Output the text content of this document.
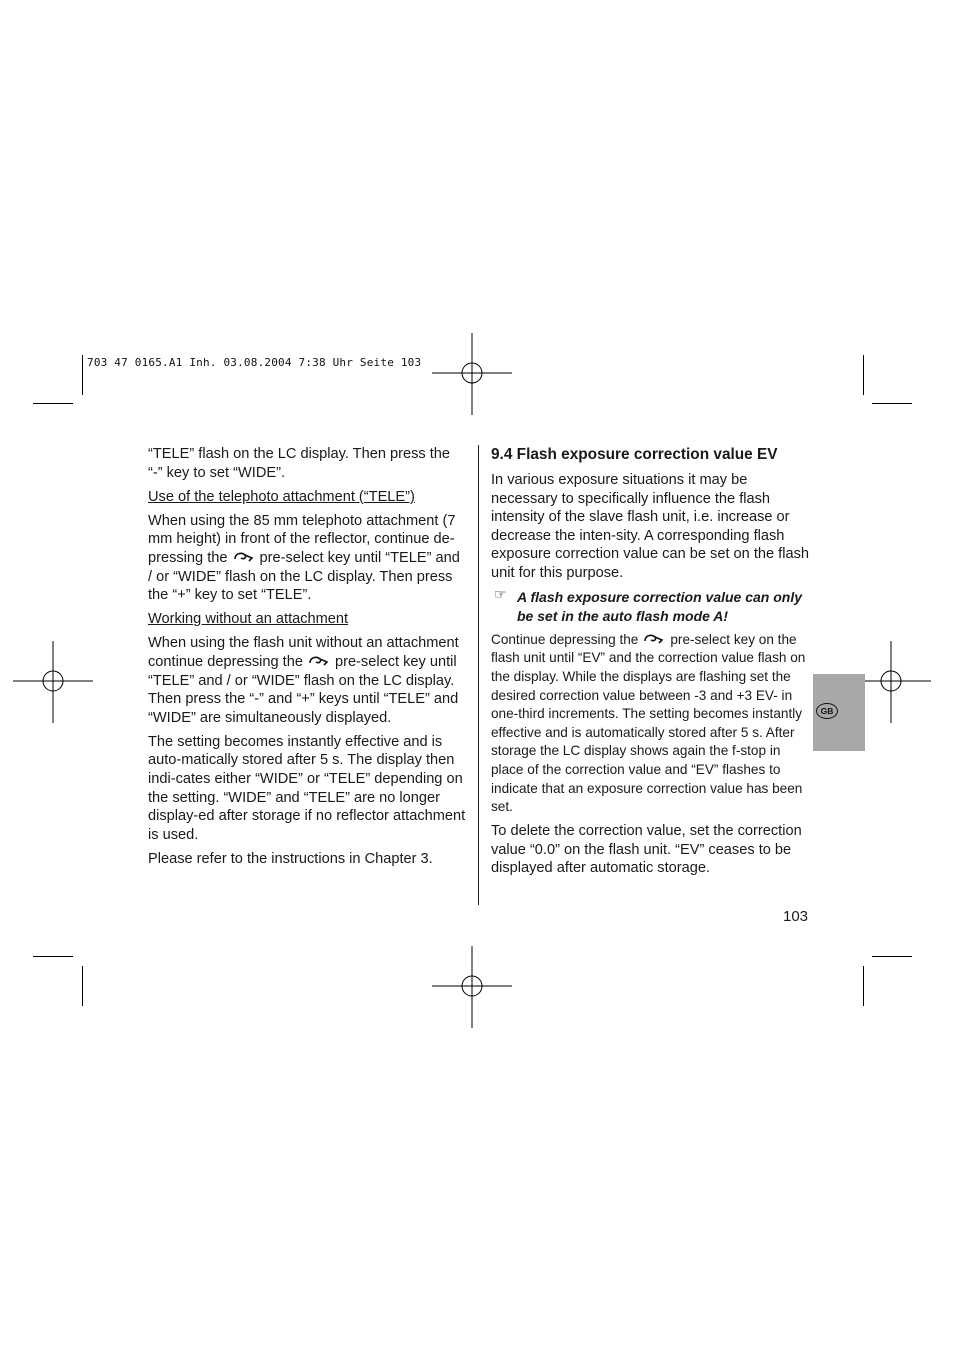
703 47 0165.A1 Inh. 03.08.2004 7:38 Uhr Seite 103

“TELE” flash on the LC display. Then press the “-” key to set “WIDE”.

Use of the telephoto attachment (“TELE”)

When using the 85 mm telephoto attachment (7 mm height) in front of the reflector, continue de-pressing the pre-select key until “TELE” and / or “WIDE” flash on the LC display. Then press the “+” key to set “TELE”.

Working without an attachment

When using the flash unit without an attachment continue depressing the pre-select key until “TELE” and / or “WIDE” flash on the LC display. Then press the “-” and “+” keys until “TELE” and “WIDE” are simultaneously displayed.

The setting becomes instantly effective and is auto-matically stored after 5 s. The display then indi-cates either “WIDE” or “TELE” depending on the setting. “WIDE” and “TELE” are no longer display-ed after storage if no reflector attachment is used.

Please refer to the instructions in Chapter 3.

9.4 Flash exposure correction value EV

In various exposure situations it may be necessary to specifically influence the flash intensity of the slave flash unit, i.e. increase or decrease the inten-sity. A corresponding flash exposure correction value can be set on the flash unit for this purpose.

☞ A flash exposure correction value can only be set in the auto flash mode A!

Continue depressing the pre-select key on the flash unit until “EV” and the correction value flash on the display. While the displays are flashing set the desired correction value between -3 and +3 EV- in one-third increments. The setting becomes instantly effective and is automatically stored after 5 s. After storage the LC display shows again the f-stop in place of the correction value and “EV” flashes to indicate that an exposure correction value has been set.

To delete the correction value, set the correction value “0.0” on the flash unit. “EV” ceases to be displayed after automatic storage.

GB
103
